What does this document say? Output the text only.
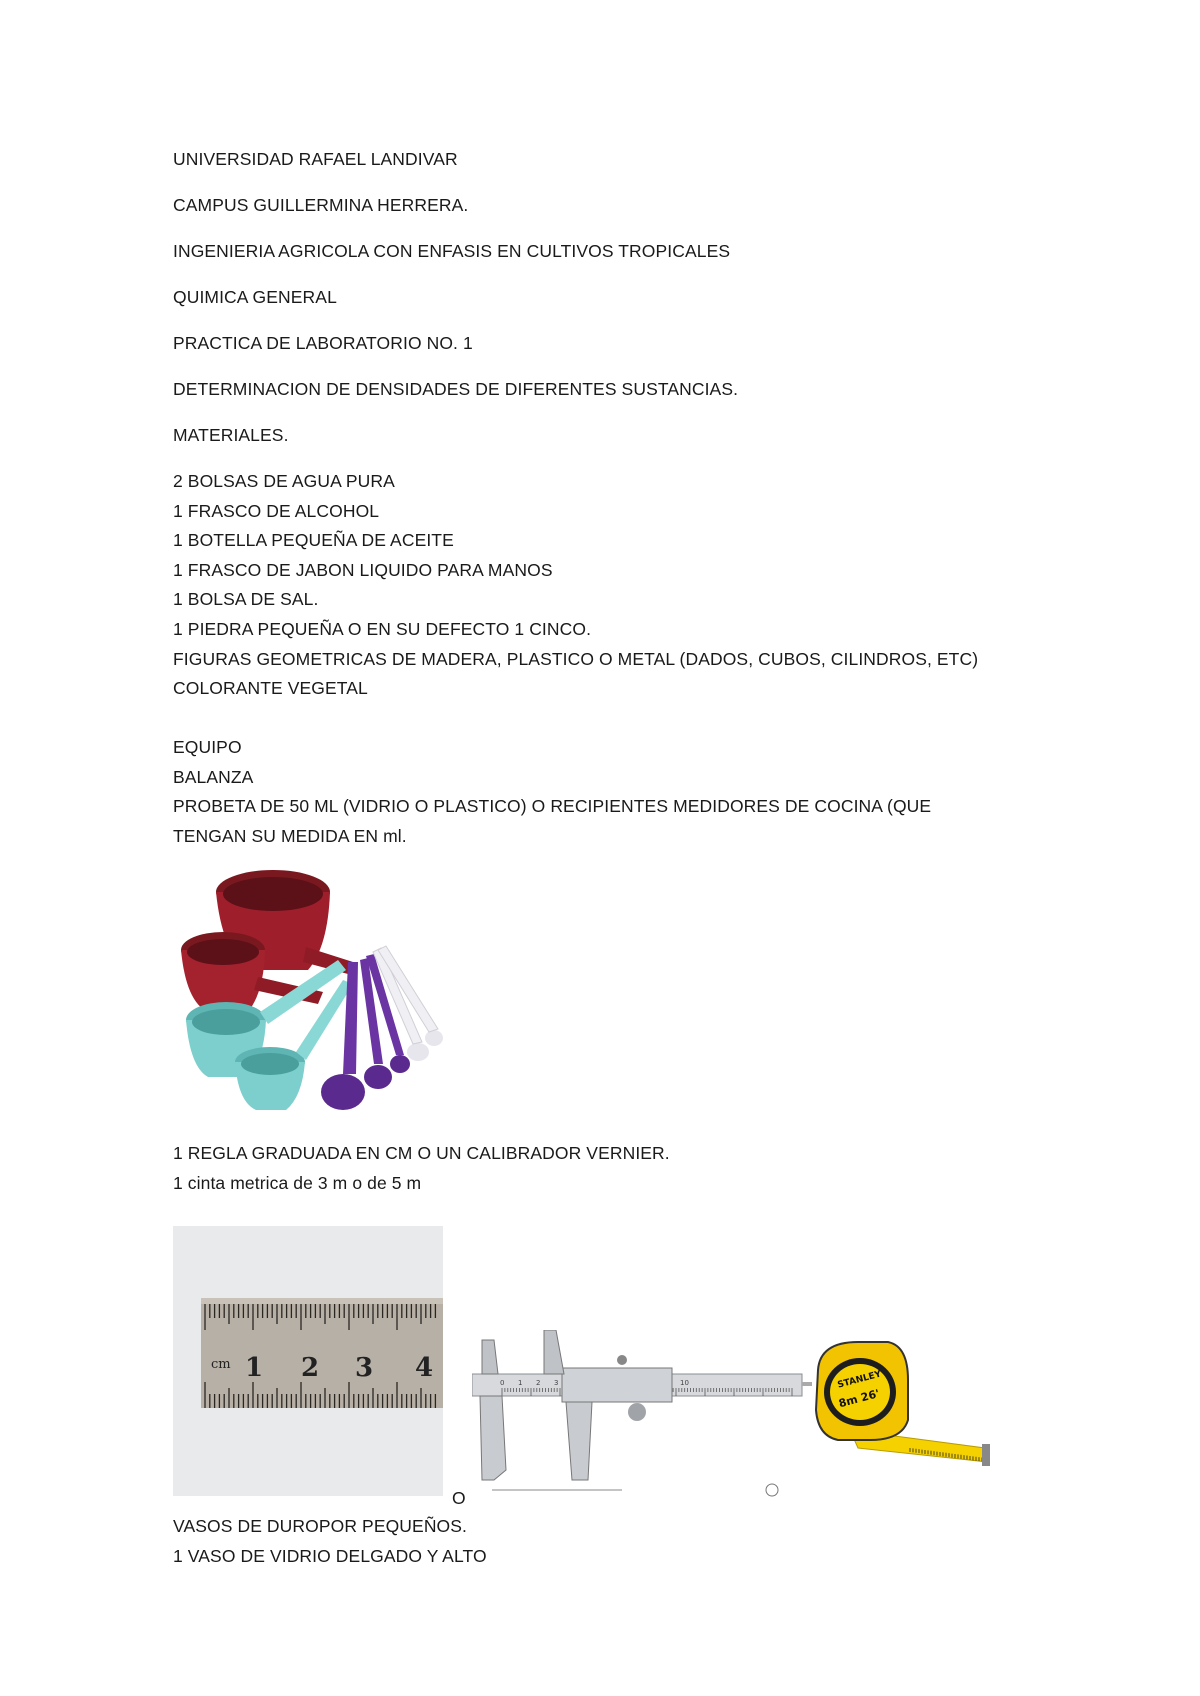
UNIVERSIDAD RAFAEL LANDIVAR
CAMPUS GUILLERMINA HERRERA.
INGENIERIA AGRICOLA CON ENFASIS EN CULTIVOS TROPICALES
QUIMICA GENERAL
PRACTICA DE LABORATORIO NO. 1
DETERMINACION DE DENSIDADES DE DIFERENTES SUSTANCIAS.
MATERIALES.
2 BOLSAS DE AGUA PURA
1 FRASCO DE ALCOHOL
1 BOTELLA PEQUEÑA DE ACEITE
1 FRASCO DE JABON LIQUIDO PARA MANOS
1 BOLSA DE SAL.
1 PIEDRA PEQUEÑA O EN SU DEFECTO 1 CINCO.
FIGURAS GEOMETRICAS DE MADERA, PLASTICO O METAL (DADOS, CUBOS, CILINDROS, ETC)
COLORANTE VEGETAL
EQUIPO
BALANZA
PROBETA DE 50 ML (VIDRIO O PLASTICO) O RECIPIENTES MEDIDORES DE COCINA (QUE
TENGAN SU MEDIDA EN ml.
1 REGLA GRADUADA EN CM O UN CALIBRADOR VERNIER.
1 cinta metrica de 3 m o de 5 m
cm 1 2 3 4
O
0 1 2 3	10	STANLEY
8m 26'
VASOS DE DUROPOR PEQUEÑOS.
1 VASO DE VIDRIO DELGADO Y ALTO
